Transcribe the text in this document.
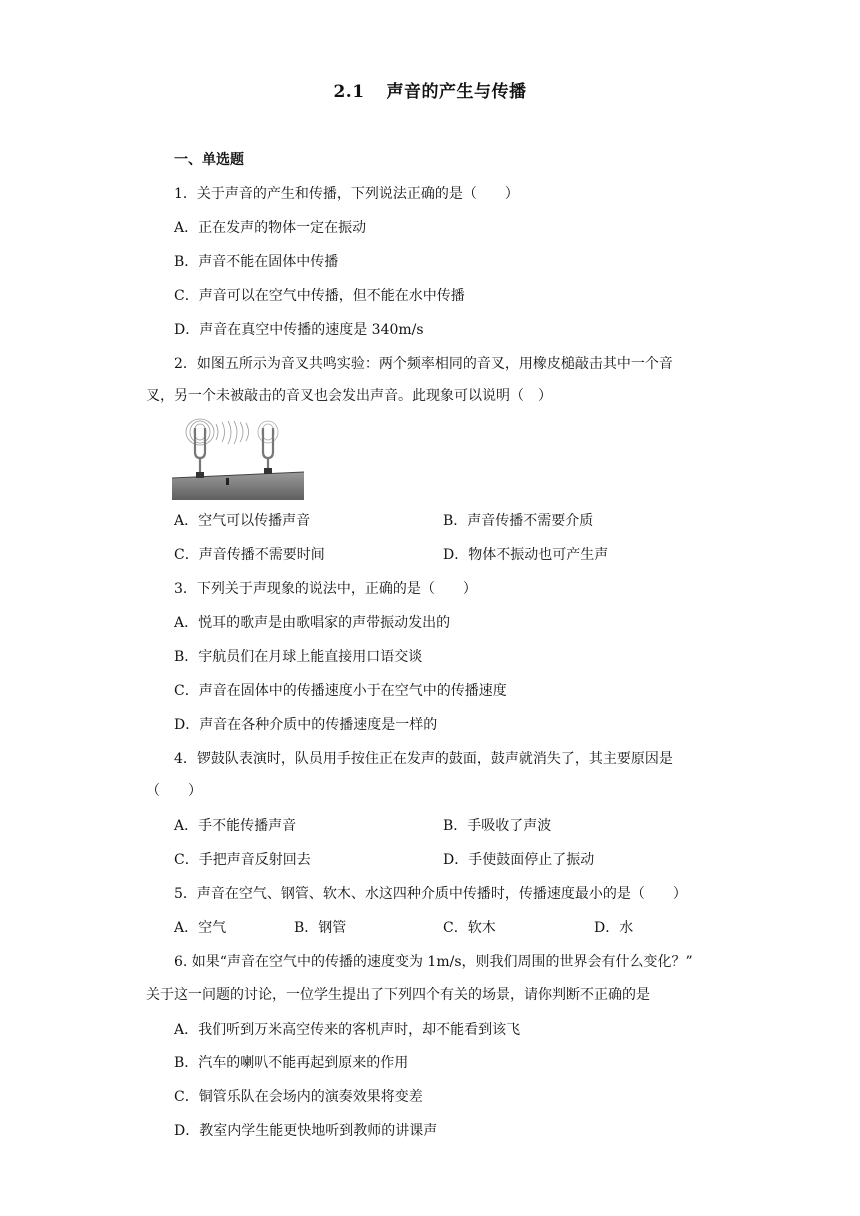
2.1 声音的产生与传播
一、单选题
1．关于声音的产生和传播，下列说法正确的是（　　）
A．正在发声的物体一定在振动
B．声音不能在固体中传播
C．声音可以在空气中传播，但不能在水中传播
D．声音在真空中传播的速度是 340m/s
2．如图五所示为音叉共鸣实验：两个频率相同的音叉，用橡皮槌敲击其中一个音
叉，另一个未被敲击的音叉也会发出声音。此现象可以说明（　）
A．空气可以传播声音	B．声音传播不需要介质
C．声音传播不需要时间	D．物体不振动也可产生声
3．下列关于声现象的说法中，正确的是（　　）
A．悦耳的歌声是由歌唱家的声带振动发出的
B．宇航员们在月球上能直接用口语交谈
C．声音在固体中的传播速度小于在空气中的传播速度
D．声音在各种介质中的传播速度是一样的
4．锣鼓队表演时，队员用手按住正在发声的鼓面，鼓声就消失了，其主要原因是
（　　）
A．手不能传播声音	B．手吸收了声波
C．手把声音反射回去	D．手使鼓面停止了振动
5．声音在空气、钢管、软木、水这四种介质中传播时，传播速度最小的是（　　）
A．空气	B．钢管	C．软木	D．水
6. 如果“声音在空气中的传播的速度变为 1m/s，则我们周围的世界会有什么变化？”
关于这一问题的讨论，一位学生提出了下列四个有关的场景，请你判断不正确的是
A．我们听到万米高空传来的客机声时，却不能看到该飞
B．汽车的喇叭不能再起到原来的作用
C．铜管乐队在会场内的演奏效果将变差
D．教室内学生能更快地听到教师的讲课声
